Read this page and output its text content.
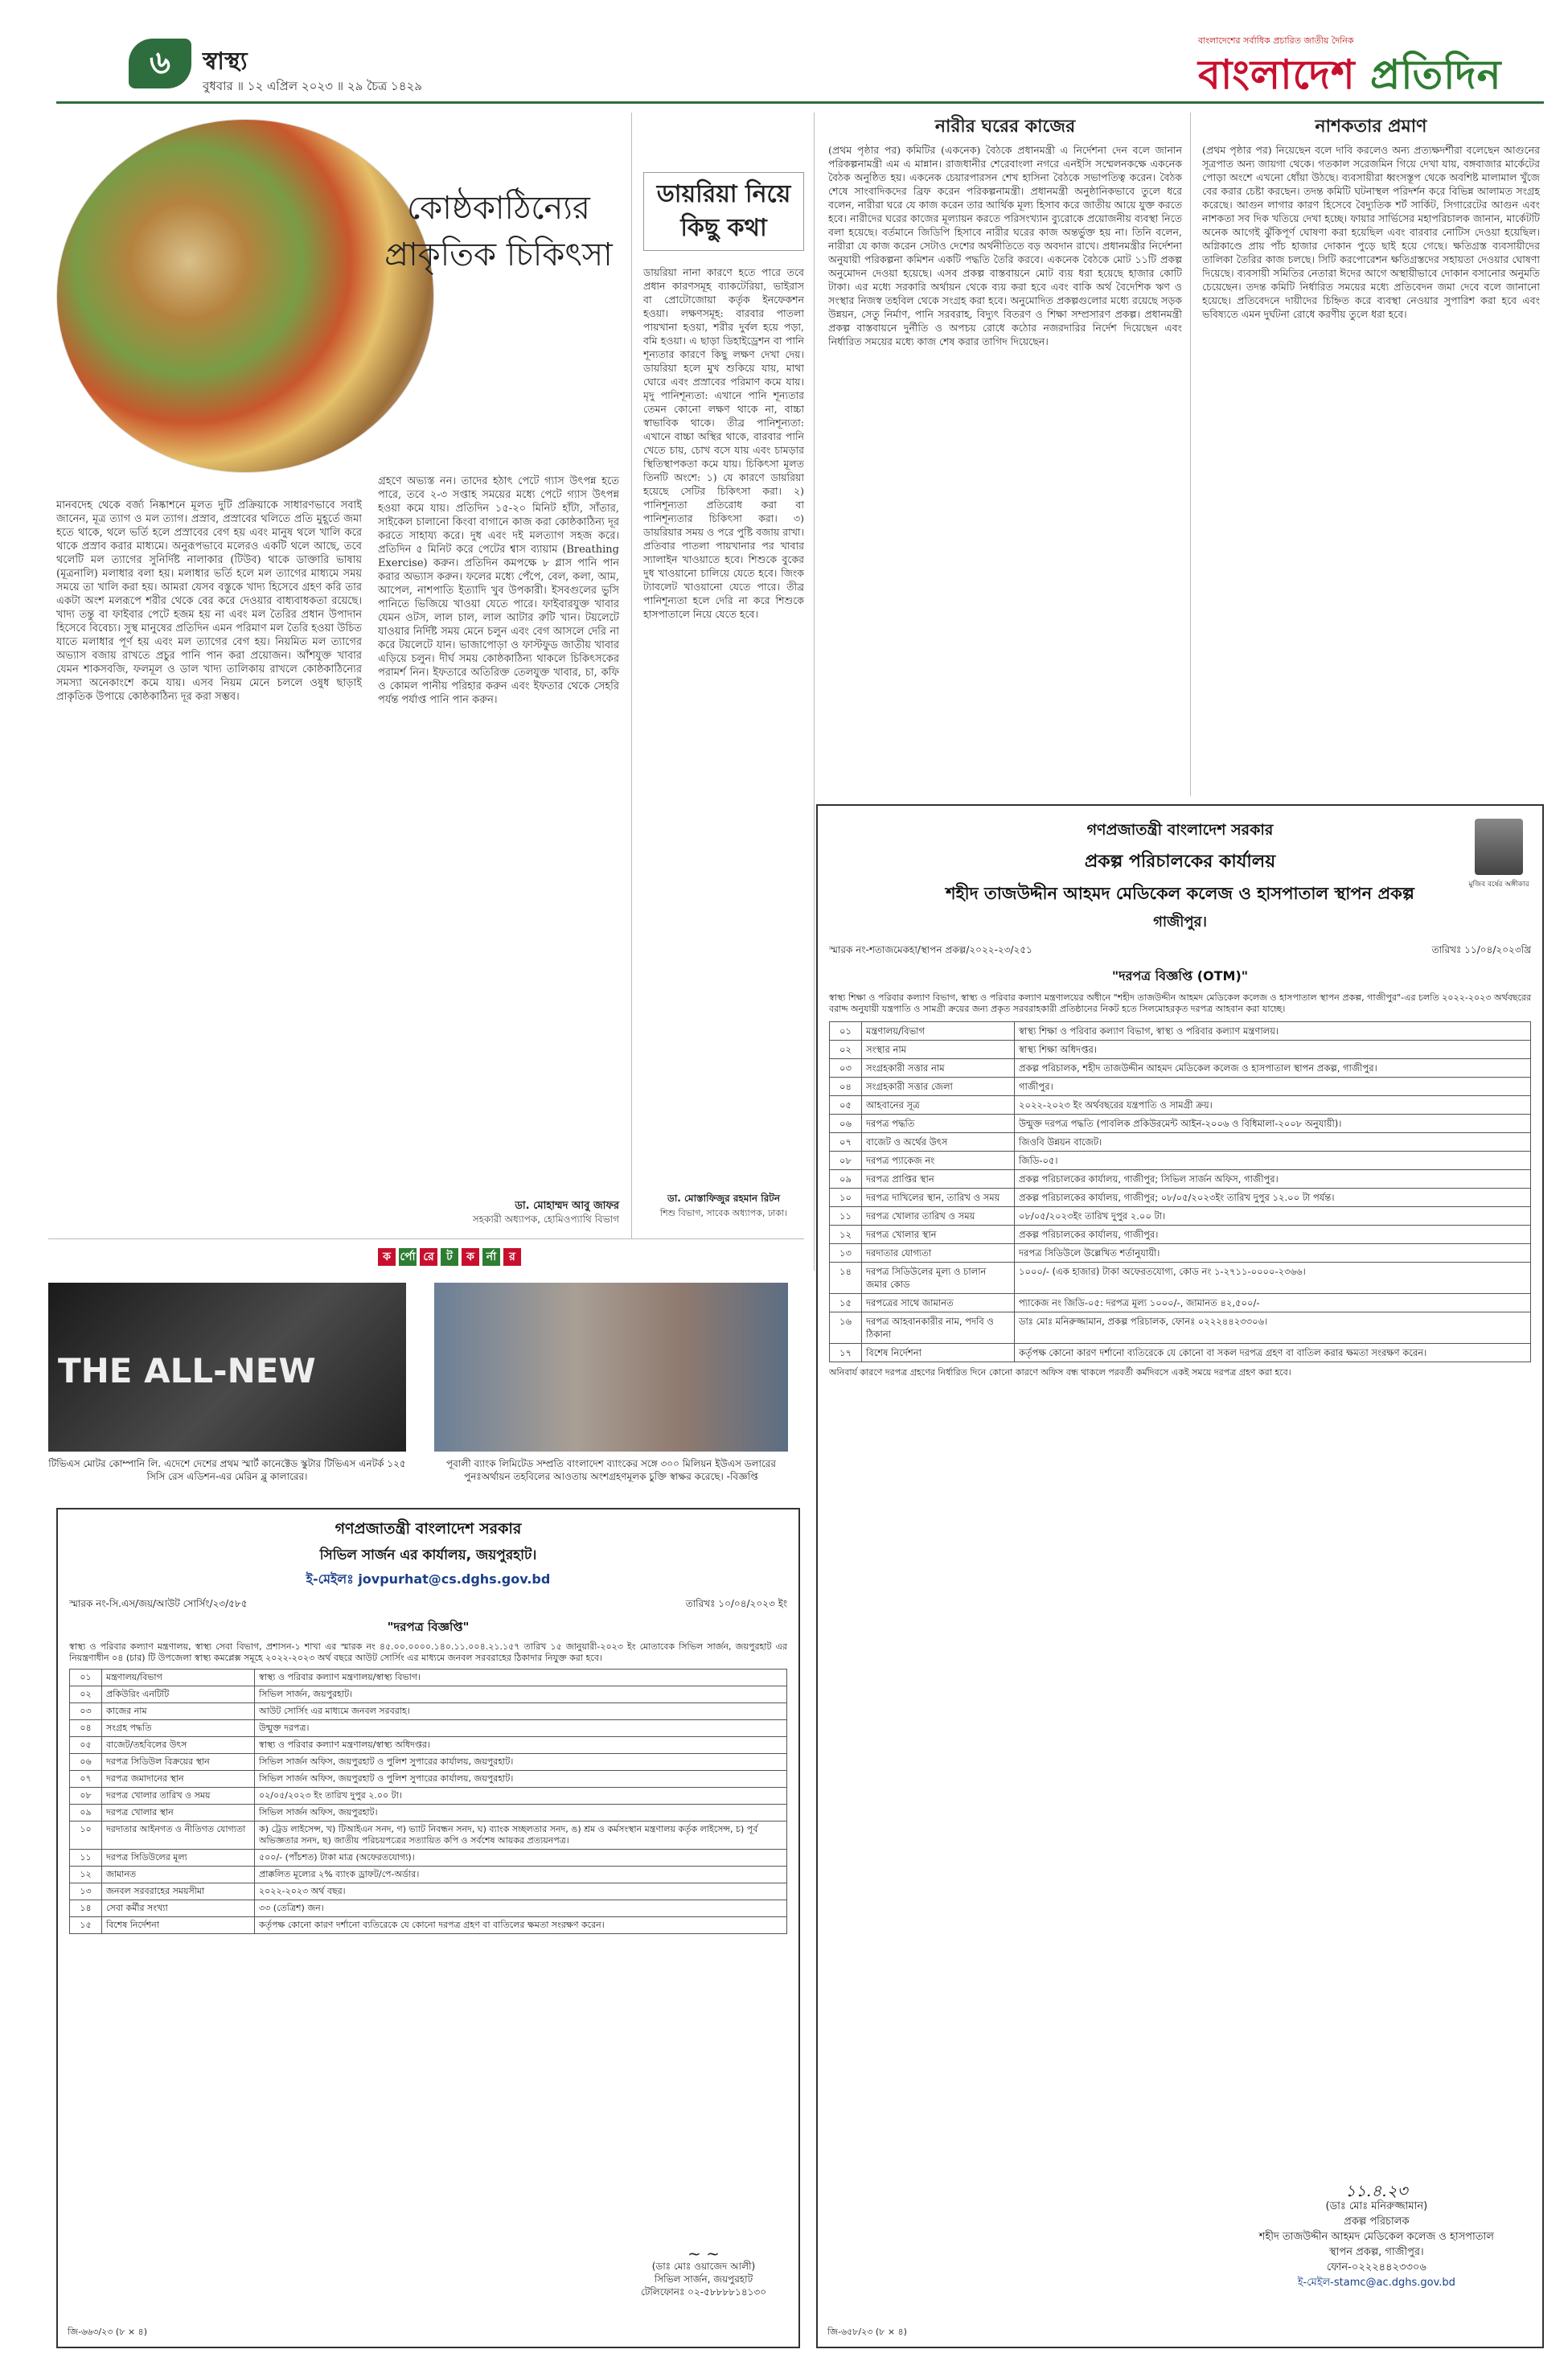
৬	স্বাস্থ্য
বুধবার ॥ ১২ এপ্রিল ২০২৩ ॥ ২৯ চৈত্র ১৪২৯
বাংলাদেশের সর্বাধিক প্রচারিত জাতীয় দৈনিক
বাংলাদেশ প্রতিদিন
কোষ্ঠকাঠিন্যের প্রাকৃতিক চিকিৎসা
মানবদেহ থেকে বর্জ্য নিষ্কাশনে মূলত দুটি প্রক্রিয়াকে সাধারণভাবে সবাই জানেন, মূত্র ত্যাগ ও মল ত্যাগ। প্রস্রাব, প্রস্রাবের থলিতে প্রতি মুহূর্তে জমা হতে থাকে, থলে ভর্তি হলে প্রস্রাবের বেগ হয় এবং মানুষ থলে খালি করে থাকে প্রস্রাব করার মাধ্যমে। অনুরূপভাবে মলেরও একটি থলে আছে, তবে থলেটি মল ত্যাগের সুনির্দিষ্ট নালাকার (টিউব) থাকে ডাক্তারি ভাষায় (মূত্রনালি) মলাধার বলা হয়। মলাধার ভর্তি হলে মল ত্যাগের মাধ্যমে সময় সময়ে তা খালি করা হয়। আমরা যেসব বস্তুকে খাদ্য হিসেবে গ্রহণ করি তার একটা অংশ মলরূপে শরীর থেকে বের করে দেওয়ার বাধ্যবাধকতা রয়েছে। খাদ্য তন্তু বা ফাইবার পেটে হজম হয় না এবং মল তৈরির প্রধান উপাদান হিসেবে বিবেচ্য। সুস্থ মানুষের প্রতিদিন এমন পরিমাণ মল তৈরি হওয়া উচিত যাতে মলাধার পূর্ণ হয় এবং মল ত্যাগের বেগ হয়। নিয়মিত মল ত্যাগের অভ্যাস বজায় রাখতে প্রচুর পানি পান করা প্রয়োজন। আঁশযুক্ত খাবার যেমন শাকসবজি, ফলমূল ও ডাল খাদ্য তালিকায় রাখলে কোষ্ঠকাঠিন্যের সমস্যা অনেকাংশে কমে যায়। এসব নিয়ম মেনে চললে ওষুধ ছাড়াই প্রাকৃতিক উপায়ে কোষ্ঠকাঠিন্য দূর করা সম্ভব।
গ্রহণে অভ্যস্ত নন। তাদের হঠাৎ পেটে গ্যাস উৎপন্ন হতে পারে, তবে ২-৩ সপ্তাহ সময়ের মধ্যে পেটে গ্যাস উৎপন্ন হওয়া কমে যায়। প্রতিদিন ১৫-২০ মিনিট হাঁটা, সাঁতার, সাইকেল চালানো কিংবা বাগানে কাজ করা কোষ্ঠকাঠিন্য দূর করতে সাহায্য করে। দুধ এবং দই মলত্যাগ সহজ করে। প্রতিদিন ৫ মিনিট করে পেটের শ্বাস ব্যায়াম (Breathing Exercise) করুন। প্রতিদিন কমপক্ষে ৮ গ্লাস পানি পান করার অভ্যাস করুন। ফলের মধ্যে পেঁপে, বেল, কলা, আম, আপেল, নাশপাতি ইত্যাদি খুব উপকারী। ইসবগুলের ভুসি পানিতে ভিজিয়ে খাওয়া যেতে পারে। ফাইবারযুক্ত খাবার যেমন ওটস, লাল চাল, লাল আটার রুটি খান। টয়লেটে যাওয়ার নির্দিষ্ট সময় মেনে চলুন এবং বেগ আসলে দেরি না করে টয়লেটে যান। ভাজাপোড়া ও ফাস্টফুড জাতীয় খাবার এড়িয়ে চলুন। দীর্ঘ সময় কোষ্ঠকাঠিন্য থাকলে চিকিৎসকের পরামর্শ নিন। ইফতারে অতিরিক্ত তেলযুক্ত খাবার, চা, কফি ও কোমল পানীয় পরিহার করুন এবং ইফতার থেকে সেহরি পর্যন্ত পর্যাপ্ত পানি পান করুন।
ডা. মোহাম্মদ আবু জাফর
সহকারী অধ্যাপক, হোমিওপ্যাথি বিভাগ
ডায়রিয়া নিয়ে কিছু কথা
ডায়রিয়া নানা কারণে হতে পারে তবে প্রধান কারণসমূহ ব্যাকটেরিয়া, ভাইরাস বা প্রোটোজোয়া কর্তৃক ইনফেকশন হওয়া। লক্ষণসমূহ: বারবার পাতলা পায়খানা হওয়া, শরীর দুর্বল হয়ে পড়া, বমি হওয়া। এ ছাড়া ডিহাইড্রেশন বা পানি শূন্যতার কারণে কিছু লক্ষণ দেখা দেয়। ডায়রিয়া হলে মুখ শুকিয়ে যায়, মাথা ঘোরে এবং প্রস্রাবের পরিমাণ কমে যায়। মৃদু পানিশূন্যতা: এখানে পানি শূন্যতার তেমন কোনো লক্ষণ থাকে না, বাচ্চা স্বাভাবিক থাকে। তীব্র পানিশূন্যতা: এখানে বাচ্চা অস্থির থাকে, বারবার পানি খেতে চায়, চোখ বসে যায় এবং চামড়ার স্থিতিস্থাপকতা কমে যায়। চিকিৎসা মূলত তিনটি অংশে: ১) যে কারণে ডায়রিয়া হয়েছে সেটির চিকিৎসা করা। ২) পানিশূন্যতা প্রতিরোধ করা বা পানিশূন্যতার চিকিৎসা করা। ৩) ডায়রিয়ার সময় ও পরে পুষ্টি বজায় রাখা। প্রতিবার পাতলা পায়খানার পর খাবার স্যালাইন খাওয়াতে হবে। শিশুকে বুকের দুধ খাওয়ানো চালিয়ে যেতে হবে। জিংক ট্যাবলেট খাওয়ানো যেতে পারে। তীব্র পানিশূন্যতা হলে দেরি না করে শিশুকে হাসপাতালে নিয়ে যেতে হবে।
ডা. মোস্তাফিজুর রহমান রিটন
শিশু বিভাগ, সাবেক অধ্যাপক, ঢাকা।
নারীর ঘরের কাজের
(প্রথম পৃষ্ঠার পর) কমিটির (একনেক) বৈঠকে প্রধানমন্ত্রী এ নির্দেশনা দেন বলে জানান পরিকল্পনামন্ত্রী এম এ মান্নান। রাজধানীর শেরেবাংলা নগরে এনইসি সম্মেলনকক্ষে একনেক বৈঠক অনুষ্ঠিত হয়। একনেক চেয়ারপারসন শেখ হাসিনা বৈঠকে সভাপতিত্ব করেন। বৈঠক শেষে সাংবাদিকদের ব্রিফ করেন পরিকল্পনামন্ত্রী। প্রধানমন্ত্রী অনুষ্ঠানিকভাবে তুলে ধরে বলেন, নারীরা ঘরে যে কাজ করেন তার আর্থিক মূল্য হিসাব করে জাতীয় আয়ে যুক্ত করতে হবে। নারীদের ঘরের কাজের মূল্যায়ন করতে পরিসংখ্যান ব্যুরোকে প্রয়োজনীয় ব্যবস্থা নিতে বলা হয়েছে। বর্তমানে জিডিপি হিসাবে নারীর ঘরের কাজ অন্তর্ভুক্ত হয় না। তিনি বলেন, নারীরা যে কাজ করেন সেটাও দেশের অর্থনীতিতে বড় অবদান রাখে। প্রধানমন্ত্রীর নির্দেশনা অনুযায়ী পরিকল্পনা কমিশন একটি পদ্ধতি তৈরি করবে। একনেক বৈঠকে মোট ১১টি প্রকল্প অনুমোদন দেওয়া হয়েছে। এসব প্রকল্প বাস্তবায়নে মোট ব্যয় ধরা হয়েছে হাজার কোটি টাকা। এর মধ্যে সরকারি অর্থায়ন থেকে ব্যয় করা হবে এবং বাকি অর্থ বৈদেশিক ঋণ ও সংস্থার নিজস্ব তহবিল থেকে সংগ্রহ করা হবে। অনুমোদিত প্রকল্পগুলোর মধ্যে রয়েছে সড়ক উন্নয়ন, সেতু নির্মাণ, পানি সরবরাহ, বিদ্যুৎ বিতরণ ও শিক্ষা সম্প্রসারণ প্রকল্প। প্রধানমন্ত্রী প্রকল্প বাস্তবায়নে দুর্নীতি ও অপচয় রোধে কঠোর নজরদারির নির্দেশ দিয়েছেন এবং নির্ধারিত সময়ের মধ্যে কাজ শেষ করার তাগিদ দিয়েছেন।
নাশকতার প্রমাণ
(প্রথম পৃষ্ঠার পর) নিয়েছেন বলে দাবি করলেও অন্য প্রত্যক্ষদর্শীরা বলেছেন আগুনের সূত্রপাত অন্য জায়গা থেকে। গতকাল সরেজমিন গিয়ে দেখা যায়, বঙ্গবাজার মার্কেটের পোড়া অংশে এখনো ধোঁয়া উঠছে। ব্যবসায়ীরা ধ্বংসস্তূপ থেকে অবশিষ্ট মালামাল খুঁজে বের করার চেষ্টা করছেন। তদন্ত কমিটি ঘটনাস্থল পরিদর্শন করে বিভিন্ন আলামত সংগ্রহ করেছে। আগুন লাগার কারণ হিসেবে বৈদ্যুতিক শর্ট সার্কিট, সিগারেটের আগুন এবং নাশকতা সব দিক খতিয়ে দেখা হচ্ছে। ফায়ার সার্ভিসের মহাপরিচালক জানান, মার্কেটটি অনেক আগেই ঝুঁকিপূর্ণ ঘোষণা করা হয়েছিল এবং বারবার নোটিস দেওয়া হয়েছিল। অগ্নিকাণ্ডে প্রায় পাঁচ হাজার দোকান পুড়ে ছাই হয়ে গেছে। ক্ষতিগ্রস্ত ব্যবসায়ীদের তালিকা তৈরির কাজ চলছে। সিটি করপোরেশন ক্ষতিগ্রস্তদের সহায়তা দেওয়ার ঘোষণা দিয়েছে। ব্যবসায়ী সমিতির নেতারা ঈদের আগে অস্থায়ীভাবে দোকান বসানোর অনুমতি চেয়েছেন। তদন্ত কমিটি নির্ধারিত সময়ের মধ্যে প্রতিবেদন জমা দেবে বলে জানানো হয়েছে। প্রতিবেদনে দায়ীদের চিহ্নিত করে ব্যবস্থা নেওয়ার সুপারিশ করা হবে এবং ভবিষ্যতে এমন দুর্ঘটনা রোধে করণীয় তুলে ধরা হবে।
ক র্পো রে	ট	ক	র্না	র
THE ALL-NEW
টিভিএস মোটর কোম্পানি লি. এদেশে দেশের প্রথম স্মার্ট কানেক্টেড স্কুটার টিভিএস এনটর্ক ১২৫ সিসি রেস এডিশন-এর মেরিন ব্লু কালারের।
পূবালী ব্যাংক লিমিটেড সম্প্রতি বাংলাদেশ ব্যাংকের সঙ্গে ৩০০ মিলিয়ন ইউএস ডলারের পুনঃঅর্থায়ন তহবিলের আওতায় অংশগ্রহণমূলক চুক্তি স্বাক্ষর করেছে। -বিজ্ঞপ্তি
গণপ্রজাতন্ত্রী বাংলাদেশ সরকার
সিভিল সার্জন এর কার্যালয়, জয়পুরহাট।
ই-মেইলঃ jovpurhat@cs.dghs.gov.bd
স্মারক নং-সি.এস/জয়/আউট সোর্সিং/২৩/৫৮৫	তারিখঃ ১০/০৪/২০২৩ ইং
"দরপত্র বিজ্ঞপ্তি"
স্বাস্থ্য ও পরিবার কল্যাণ মন্ত্রণালয়, স্বাস্থ্য সেবা বিভাগ, প্রশাসন-১ শাখা এর স্মারক নং ৪৫.০০.০০০০.১৪০.১১.০০৪.২১.১৫৭ তারিখ ১৫ জানুয়ারী-২০২৩ ইং মোতাবেক সিভিল সার্জন, জয়পুরহাট এর নিয়ন্ত্রণাধীন ০৪ (চার) টি উপজেলা স্বাস্থ্য কমপ্লেক্স সমূহে ২০২২-২০২৩ অর্থ বছরে আউট সোর্সিং এর মাধ্যমে জনবল সরবরাহের ঠিকাদার নিযুক্ত করা হবে।
০১	মন্ত্রণালয়/বিভাগ	স্বাস্থ্য ও পরিবার কল্যাণ মন্ত্রণালয়/স্বাস্থ্য বিভাগ।
০২	প্রকিউরিং এনটিটি	সিভিল সার্জন, জয়পুরহাট।
০৩	কাজের নাম	আউট সোর্সিং এর মাধ্যমে জনবল সরবরাহ।
০৪	সংগ্রহ পদ্ধতি	উন্মুক্ত দরপত্র।
০৫	বাজেট/তহবিলের উৎস	স্বাস্থ্য ও পরিবার কল্যাণ মন্ত্রণালয়/স্বাস্থ্য অধিদপ্তর।
০৬	দরপত্র সিডিউল বিক্রয়ের স্থান	সিভিল সার্জন অফিস, জয়পুরহাট ও পুলিশ সুপারের কার্যালয়, জয়পুরহাট।
০৭	দরপত্র জমাদানের স্থান	সিভিল সার্জন অফিস, জয়পুরহাট ও পুলিশ সুপারের কার্যালয়, জয়পুরহাট।
০৮	দরপত্র খোলার তারিখ ও সময়	০২/০৫/২০২৩ ইং তারিখ দুপুর ২.০০ টা।
০৯	দরপত্র খোলার স্থান	সিভিল সার্জন অফিস, জয়পুরহাট।
১০	দরদাতার আইনগত ও নীতিগত যোগ্যতা	ক) ট্রেড লাইসেন্স, খ) টিআইএন সনদ, গ) ভ্যাট নিবন্ধন সনদ, ঘ) ব্যাংক সচ্ছলতার সনদ, ঙ) শ্রম ও কর্মসংস্থান মন্ত্রণালয় কর্তৃক লাইসেন্স, চ) পূর্ব অভিজ্ঞতার সনদ, ছ) জাতীয় পরিচয়পত্রের সত্যায়িত কপি ও সর্বশেষ আয়কর প্রত্যয়নপত্র।
১১	দরপত্র সিডিউলের মূল্য	৫০০/- (পাঁচশত) টাকা মাত্র (অফেরতযোগ্য)।
১২	জামানত	প্রাক্কলিত মূল্যের ২% ব্যাংক ড্রাফট/পে-অর্ডার।
১৩	জনবল সরবরাহের সময়সীমা	২০২২-২০২৩ অর্থ বছর।
১৪	সেবা কর্মীর সংখ্যা	৩৩ (তেত্রিশ) জন।
১৫	বিশেষ নির্দেশনা	কর্তৃপক্ষ কোনো কারণ দর্শানো ব্যতিরেকে যে কোনো দরপত্র গ্রহণ বা বাতিলের ক্ষমতা সংরক্ষণ করেন।
~ ~
(ডাঃ মোঃ ওয়াজেদ আলী)
সিভিল সার্জন, জয়পুরহাট
টেলিফোনঃ ০২-৫৮৮৮৮১৪১৩০
জি-৬৬৩/২৩ (৮ × ৪)
মুজিব বর্ষের অঙ্গীকার
গণপ্রজাতন্ত্রী বাংলাদেশ সরকার
প্রকল্প পরিচালকের কার্যালয়
শহীদ তাজউদ্দীন আহমদ মেডিকেল কলেজ ও হাসপাতাল স্থাপন প্রকল্প
গাজীপুর।
স্মারক নং-শতাজমেকহা/স্থাপন প্রকল্প/২০২২-২৩/২৫১	তারিখঃ ১১/০৪/২০২৩খ্রি
"দরপত্র বিজ্ঞপ্তি (OTM)"
স্বাস্থ্য শিক্ষা ও পরিবার কল্যাণ বিভাগ, স্বাস্থ্য ও পরিবার কল্যাণ মন্ত্রণালয়ের অধীনে "শহীদ তাজউদ্দীন আহমদ মেডিকেল কলেজ ও হাসপাতাল স্থাপন প্রকল্প, গাজীপুর"-এর চলতি ২০২২-২০২৩ অর্থবছরের বরাদ্দ অনুযায়ী যন্ত্রপাতি ও সামগ্রী ক্রয়ের জন্য প্রকৃত সরবরাহকারী প্রতিষ্ঠানের নিকট হতে সিলমোহরকৃত দরপত্র আহবান করা যাচ্ছে।
০১	মন্ত্রণালয়/বিভাগ	স্বাস্থ্য শিক্ষা ও পরিবার কল্যাণ বিভাগ, স্বাস্থ্য ও পরিবার কল্যাণ মন্ত্রণালয়।
০২	সংস্থার নাম	স্বাস্থ্য শিক্ষা অধিদপ্তর।
০৩	সংগ্রহকারী সত্তার নাম	প্রকল্প পরিচালক, শহীদ তাজউদ্দীন আহমদ মেডিকেল কলেজ ও হাসপাতাল স্থাপন প্রকল্প, গাজীপুর।
০৪	সংগ্রহকারী সত্তার জেলা	গাজীপুর।
০৫	আহবানের সূত্র	২০২২-২০২৩ ইং অর্থবছরের যন্ত্রপাতি ও সামগ্রী ক্রয়।
০৬	দরপত্র পদ্ধতি	উন্মুক্ত দরপত্র পদ্ধতি (পাবলিক প্রকিউরমেন্ট আইন-২০০৬ ও বিধিমালা-২০০৮ অনুযায়ী)।
০৭	বাজেট ও অর্থের উৎস	জিওবি উন্নয়ন বাজেট।
০৮	দরপত্র প্যাকেজ নং	জিডি-০৫।
০৯	দরপত্র প্রাপ্তির স্থান	প্রকল্প পরিচালকের কার্যালয়, গাজীপুর; সিভিল সার্জন অফিস, গাজীপুর।
১০	দরপত্র দাখিলের স্থান, তারিখ ও সময়	প্রকল্প পরিচালকের কার্যালয়, গাজীপুর; ০৮/০৫/২০২৩ইং তারিখ দুপুর ১২.০০ টা পর্যন্ত।
১১	দরপত্র খোলার তারিখ ও সময়	০৮/০৫/২০২৩ইং তারিখ দুপুর ২.০০ টা।
১২	দরপত্র খোলার স্থান	প্রকল্প পরিচালকের কার্যালয়, গাজীপুর।
১৩	দরদাতার যোগ্যতা	দরপত্র সিডিউলে উল্লেখিত শর্তানুযায়ী।
১৪	দরপত্র সিডিউলের মূল্য ও চালান জমার কোড	১০০০/- (এক হাজার) টাকা অফেরতযোগ্য, কোড নং ১-২৭১১-০০০০-২৩৬৬।
১৫	দরপত্রের সাথে জামানত	প্যাকেজ নং জিডি-০৫: দরপত্র মূল্য ১০০০/-, জামানত ৪২,৫০০/-
১৬	দরপত্র আহবানকারীর নাম, পদবি ও ঠিকানা	ডাঃ মোঃ মনিরুজ্জামান, প্রকল্প পরিচালক, ফোনঃ ০২২২৪৪২৩৩০৬।
১৭	বিশেষ নির্দেশনা	কর্তৃপক্ষ কোনো কারণ দর্শানো ব্যতিরেকে যে কোনো বা সকল দরপত্র গ্রহণ বা বাতিল করার ক্ষমতা সংরক্ষণ করেন।
অনিবার্য কারণে দরপত্র গ্রহণের নির্ধারিত দিনে কোনো কারণে অফিস বন্ধ থাকলে পরবর্তী কর্মদিবসে একই সময়ে দরপত্র গ্রহণ করা হবে।
১১.৪.২৩
(ডাঃ মোঃ মনিরুজ্জামান)
প্রকল্প পরিচালক
শহীদ তাজউদ্দীন আহমদ মেডিকেল কলেজ ও হাসপাতাল
স্থাপন প্রকল্প, গাজীপুর।
ফোন-০২২২৪৪২৩৩০৬
ই-মেইল-stamc@ac.dghs.gov.bd
জি-৬৫৮/২৩ (৮ × ৪)
